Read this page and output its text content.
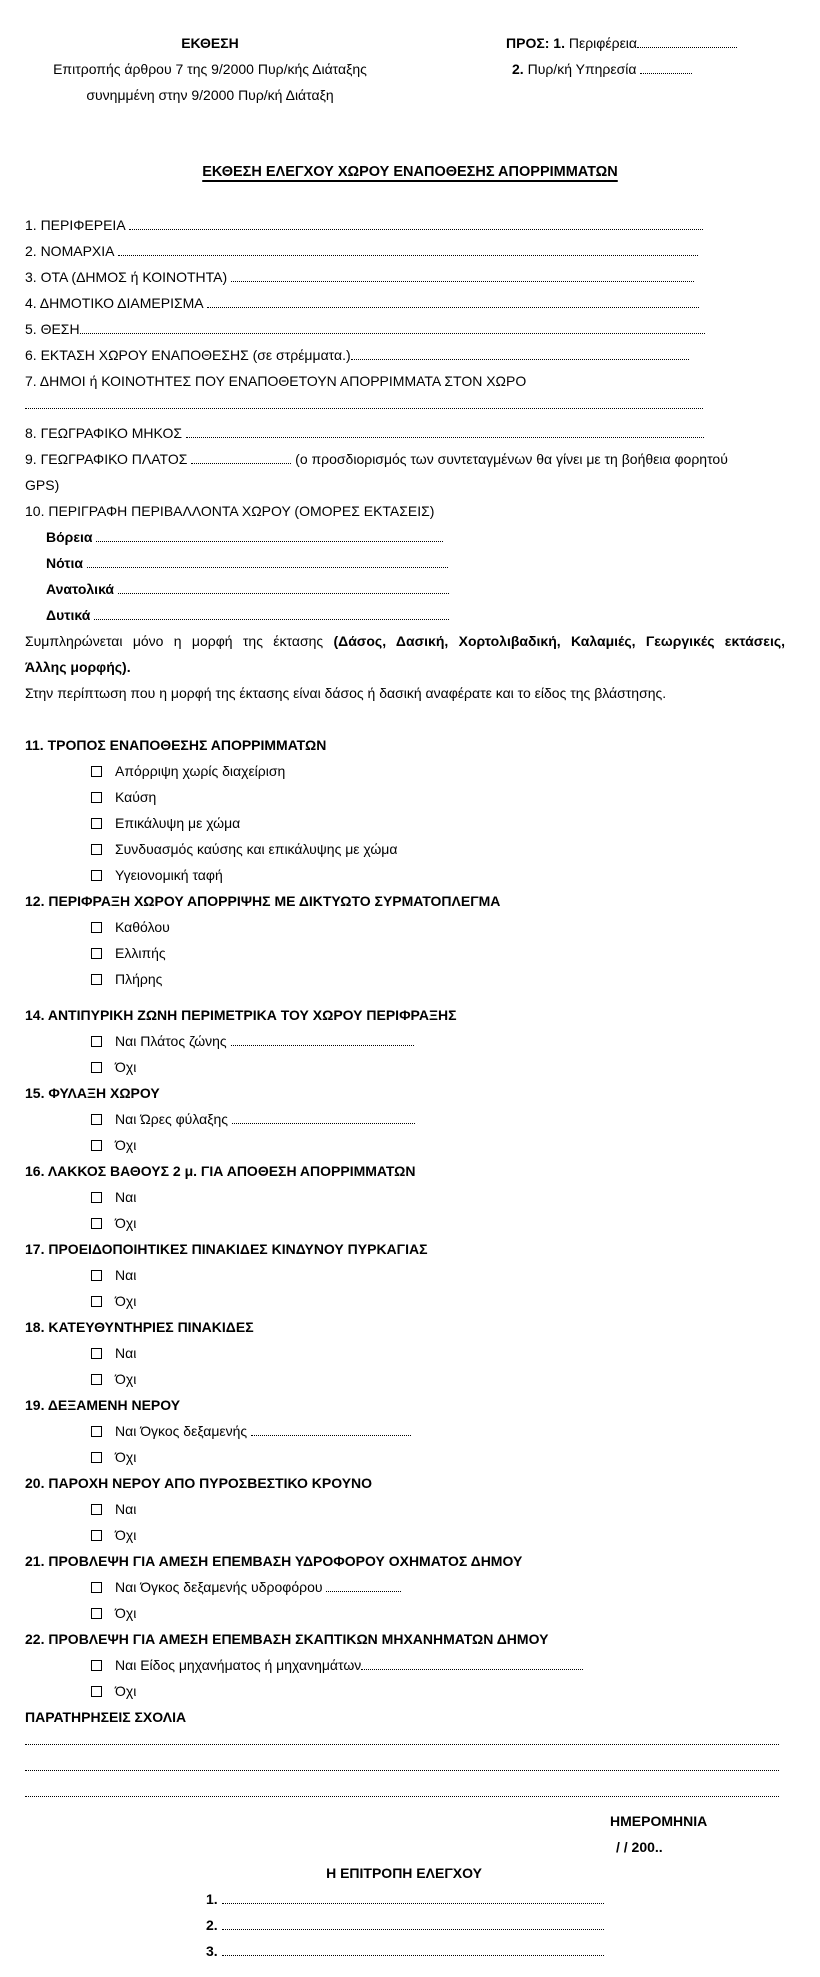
ΕΚΘΕΣΗ
Επιτροπής άρθρου 7 της 9/2000 Πυρ/κής Διάταξης
συνημμένη στην 9/2000 Πυρ/κή Διάταξη
ΠΡΟΣ: 1. Περιφέρεια
2. Πυρ/κή Υπηρεσία
ΕΚΘΕΣΗ ΕΛΕΓΧΟΥ ΧΩΡΟΥ ΕΝΑΠΟΘΕΣΗΣ ΑΠΟΡΡΙΜΜΑΤΩΝ
1. ΠΕΡΙΦΕΡΕΙΑ
2. ΝΟΜΑΡΧΙΑ
3. ΟΤΑ (ΔΗΜΟΣ ή ΚΟΙΝΟΤΗΤΑ)
4. ΔΗΜΟΤΙΚΟ ΔΙΑΜΕΡΙΣΜΑ
5. ΘΕΣΗ
6. ΕΚΤΑΣΗ ΧΩΡΟΥ ΕΝΑΠΟΘΕΣΗΣ (σε στρέμματα.)
7. ΔΗΜΟΙ ή ΚΟΙΝΟΤΗΤΕΣ ΠΟΥ ΕΝΑΠΟΘΕΤΟΥΝ ΑΠΟΡΡΙΜΜΑΤΑ ΣΤΟΝ ΧΩΡΟ
8. ΓΕΩΓΡΑΦΙΚΟ ΜΗΚΟΣ
9. ΓΕΩΓΡΑΦΙΚΟ ΠΛΑΤΟΣ	(ο προσδιορισμός των συντεταγμένων θα γίνει με τη βοήθεια φορητού
GPS)
10. ΠΕΡΙΓΡΑΦΗ ΠΕΡΙΒΑΛΛΟΝΤΑ ΧΩΡΟΥ (ΟΜΟΡΕΣ ΕΚΤΑΣΕΙΣ)
Βόρεια
Νότια
Ανατολικά
Δυτικά
Συμπληρώνεται μόνο η μορφή της έκτασης (Δάσος, Δασική, Χορτολιβαδική, Καλαμιές, Γεωργικές εκτάσεις,
Άλλης μορφής).
Στην περίπτωση που η μορφή της έκτασης είναι δάσος ή δασική αναφέρατε και το είδος της βλάστησης.
11. ΤΡΟΠΟΣ ΕΝΑΠΟΘΕΣΗΣ ΑΠΟΡΡΙΜΜΑΤΩΝ
Απόρριψη χωρίς διαχείριση
Καύση
Επικάλυψη με χώμα
Συνδυασμός καύσης και επικάλυψης με χώμα
Υγειονομική ταφή
12. ΠΕΡΙΦΡΑΞΗ ΧΩΡΟΥ ΑΠΟΡΡΙΨΗΣ ΜΕ ΔΙΚΤΥΩΤΟ ΣΥΡΜΑΤΟΠΛΕΓΜΑ
Καθόλου
Ελλιπής
Πλήρης
14. ΑΝΤΙΠΥΡΙΚΗ ΖΩΝΗ ΠΕΡΙΜΕΤΡΙΚΑ ΤΟΥ ΧΩΡΟΥ ΠΕΡΙΦΡΑΞΗΣ
Ναι Πλάτος ζώνης
Όχι
15. ΦΥΛΑΞΗ ΧΩΡΟΥ
Ναι Ώρες φύλαξης
Όχι
16. ΛΑΚΚΟΣ ΒΑΘΟΥΣ 2 μ. ΓΙΑ ΑΠΟΘΕΣΗ ΑΠΟΡΡΙΜΜΑΤΩΝ
Ναι
Όχι
17. ΠΡΟΕΙΔΟΠΟΙΗΤΙΚΕΣ ΠΙΝΑΚΙΔΕΣ ΚΙΝΔΥΝΟΥ ΠΥΡΚΑΓΙΑΣ
Ναι
Όχι
18. ΚΑΤΕΥΘΥΝΤΗΡΙΕΣ ΠΙΝΑΚΙΔΕΣ
Ναι
Όχι
19. ΔΕΞΑΜΕΝΗ ΝΕΡΟΥ
Ναι Όγκος δεξαμενής
Όχι
20. ΠΑΡΟΧΗ ΝΕΡΟΥ ΑΠΟ ΠΥΡΟΣΒΕΣΤΙΚΟ ΚΡΟΥΝΟ
Ναι
Όχι
21. ΠΡΟΒΛΕΨΗ ΓΙΑ ΑΜΕΣΗ ΕΠΕΜΒΑΣΗ ΥΔΡΟΦΟΡΟΥ ΟΧΗΜΑΤΟΣ ΔΗΜΟΥ
Ναι Όγκος δεξαμενής υδροφόρου
Όχι
22. ΠΡΟΒΛΕΨΗ ΓΙΑ ΑΜΕΣΗ ΕΠΕΜΒΑΣΗ ΣΚΑΠΤΙΚΩΝ ΜΗΧΑΝΗΜΑΤΩΝ ΔΗΜΟΥ
Ναι Είδος μηχανήματος ή μηχανημάτων
Όχι
ΠΑΡΑΤΗΡΗΣΕΙΣ ΣΧΟΛΙΑ
ΗΜΕΡΟΜΗΝΙΑ
/ / 200..
Η ΕΠΙΤΡΟΠΗ ΕΛΕΓΧΟΥ
1.
2.
3.
